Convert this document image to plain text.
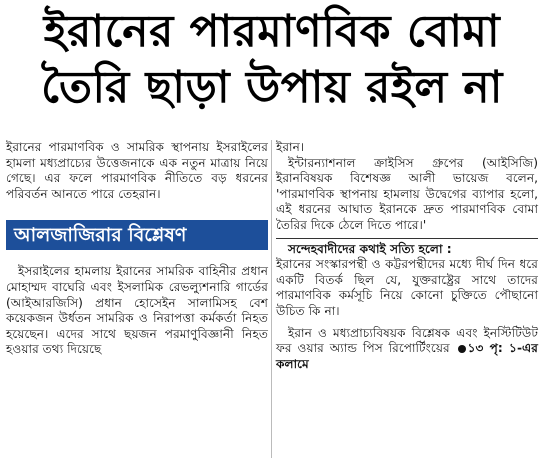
ইরানের পারমাণবিক বোমা
তৈরি ছাড়া উপায় রইল না

ইরানের পারমাণবিক ও সামরিক স্থাপনায় ইসরাইলের হামলা মধ্যপ্রাচ্যের উত্তেজনাকে এক নতুন মাত্রায় নিয়ে গেছে। এর ফলে পারমাণবিক নীতিতে বড় ধরনের পরিবর্তন আনতে পারে তেহরান।

আলজাজিরার বিশ্লেষণ

ইসরাইলের হামলায় ইরানের সামরিক বাহিনীর প্রধান মোহাম্মদ বাঘেরি এবং ইসলামিক রেভল্যুশনারি গার্ডের (আইআরজিসি) প্রধান হোসেইন সালামিসহ বেশ কয়েকজন উর্ধতন সামরিক ও নিরাপত্তা কর্মকর্তা নিহত হয়েছেন। এদের সাথে ছয়জন পরমাণুবিজ্ঞানী নিহত হওয়ার তথ্য দিয়েছে

ইরান।

ইন্টারন্যাশনাল ক্রাইসিস গ্রুপের (আইসিজি) ইরানবিষয়ক বিশেষজ্ঞ আলী ভায়েজ বলেন, 'পারমাণবিক স্থাপনায় হামলায় উদ্বেগের ব্যাপার হলো, এই ধরনের আঘাত ইরানকে দ্রুত পারমাণবিক বোমা তৈরির দিকে ঠেলে দিতে পারে।'

সন্দেহবাদীদের কথাই সত্যি হলো :

ইরানের সংস্কারপন্থী ও কট্টরপন্থীদের মধ্যে দীর্ঘ দিন ধরে একটি বিতর্ক ছিল যে, যুক্তরাষ্ট্রের সাথে তাদের পারমাণবিক কর্মসূচি নিয়ে কোনো চুক্তিতে পৌছানো উচিত কি না।

ইরান ও মধ্যপ্রাচ্যবিষয়ক বিশ্লেষক এবং ইনস্টিটিউট ফর ওয়ার অ্যান্ড পিস রিপোর্টিংয়ের ১৩ পৃ: ১-এর কলামে
